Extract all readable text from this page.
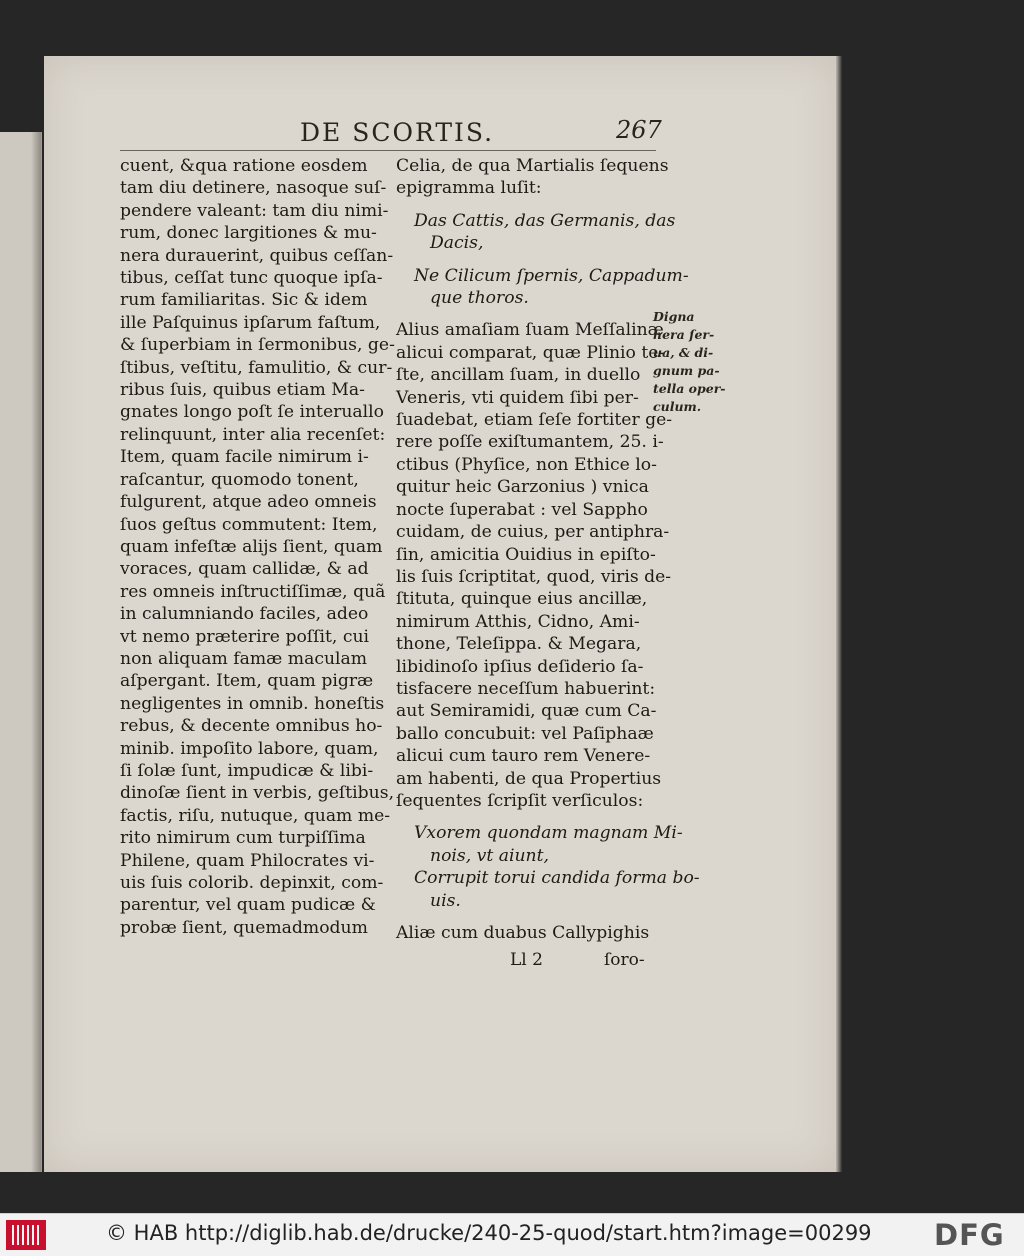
DE SCORTIS.	267
cuent, &qua ratione eosdem
tam diu detinere, nasoque suſ-
pendere valeant: tam diu nimi-
rum, donec largitiones & mu-
nera durauerint, quibus ceſſan-
tibus, ceſſat tunc quoque ipſa-
rum familiaritas. Sic & idem
ille Paſquinus ipſarum faſtum,
& ſuperbiam in ſermonibus, ge-
ſtibus, veſtitu, famulitio, & cur-
ribus ſuis, quibus etiam Ma-
gnates longo poſt ſe interuallo
relinquunt, inter alia recenſet:
Item, quam facile nimirum i-
raſcantur, quomodo tonent,
fulgurent, atque adeo omneis
ſuos geſtus commutent: Item,
quam infeſtæ alijs ſient, quam
voraces, quam callidæ, & ad
res omneis inſtructiſſimæ, quã
in calumniando faciles, adeo
vt nemo præterire poſſit, cui
non aliquam famæ maculam
aſpergant. Item, quam pigræ
negligentes in omnib. honeſtis
rebus, & decente omnibus ho-
minib. impoſito labore, quam,
ſi ſolæ ſunt, impudicæ & libi-
dinoſæ ſient in verbis, geſtibus,
factis, riſu, nutuque, quam me-
rito nimirum cum turpiſſima
Philene, quam Philocrates vi-
uis ſuis colorib. depinxit, com-
parentur, vel quam pudicæ &
probæ ſient, quemadmodum
Celia, de qua Martialis ſequens
epigramma luſit:
Das Cattis, das Germanis, das
Dacis,
Ne Cilicum ſpernis, Cappadum-
que thoros.
Alius amaſiam ſuam Meſſalinæ
alicui comparat, quæ Plinio te-
ſte, ancillam ſuam, in duello
Veneris, vti quidem ſibi per-
ſuadebat, etiam ſeſe fortiter ge-
rere poſſe exiſtumantem, 25. i-
ctibus (Phyſice, non Ethice lo-
quitur heic Garzonius ) vnica
nocte ſuperabat : vel Sappho
cuidam, de cuius, per antiphra-
ſin, amicitia Ouidius in epiſto-
lis ſuis ſcriptitat, quod, viris de-
ſtituta, quinque eius ancillæ,
nimirum Atthis, Cidno, Ami-
thone, Teleſippa. & Megara,
libidinoſo ipſius deſiderio ſa-
tisfacere neceſſum habuerint:
aut Semiramidi, quæ cum Ca-
ballo concubuit: vel Paſiphaæ
alicui cum tauro rem Venere-
am habenti, de qua Propertius
ſequentes ſcripſit verſiculos:
Vxorem quondam magnam Mi-
nois, vt aiunt,
Corrupit torui candida forma bo-
uis.
Aliæ cum duabus Callypighis
Digna
hera ſer-
ua, & di-
gnum pa-
tella oper-
culum.
Ll 2	ſoro-
© HAB http://diglib.hab.de/drucke/240-25-quod/start.htm?image=00299 DFG
